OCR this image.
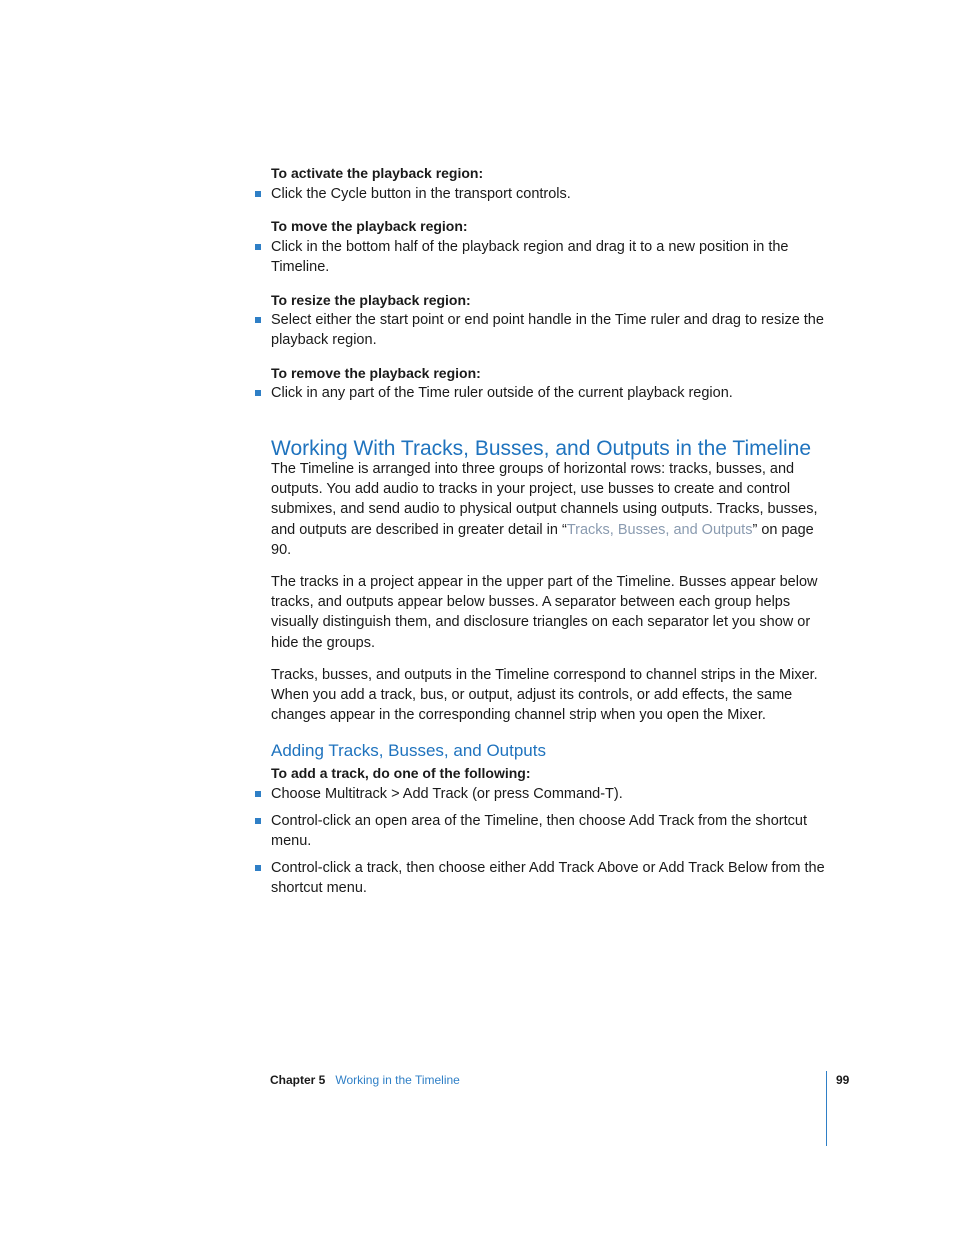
To activate the playback region:

Click the Cycle button in the transport controls.

To move the playback region:

Click in the bottom half of the playback region and drag it to a new position in the Timeline.

To resize the playback region:

Select either the start point or end point handle in the Time ruler and drag to resize the playback region.

To remove the playback region:

Click in any part of the Time ruler outside of the current playback region.
Working With Tracks, Busses, and Outputs in the Timeline

The Timeline is arranged into three groups of horizontal rows: tracks, busses, and outputs. You add audio to tracks in your project, use busses to create and control submixes, and send audio to physical output channels using outputs. Tracks, busses, and outputs are described in greater detail in “Tracks, Busses, and Outputs” on page 90.

The tracks in a project appear in the upper part of the Timeline. Busses appear below tracks, and outputs appear below busses. A separator between each group helps visually distinguish them, and disclosure triangles on each separator let you show or hide the groups.

Tracks, busses, and outputs in the Timeline correspond to channel strips in the Mixer. When you add a track, bus, or output, adjust its controls, or add effects, the same changes appear in the corresponding channel strip when you open the Mixer.

Adding Tracks, Busses, and Outputs

To add a track, do one of the following:

Choose Multitrack > Add Track (or press Command-T).
Control-click an open area of the Timeline, then choose Add Track from the shortcut menu.
Control-click a track, then choose either Add Track Above or Add Track Below from the shortcut menu.
Chapter 5 Working in the Timeline	99
